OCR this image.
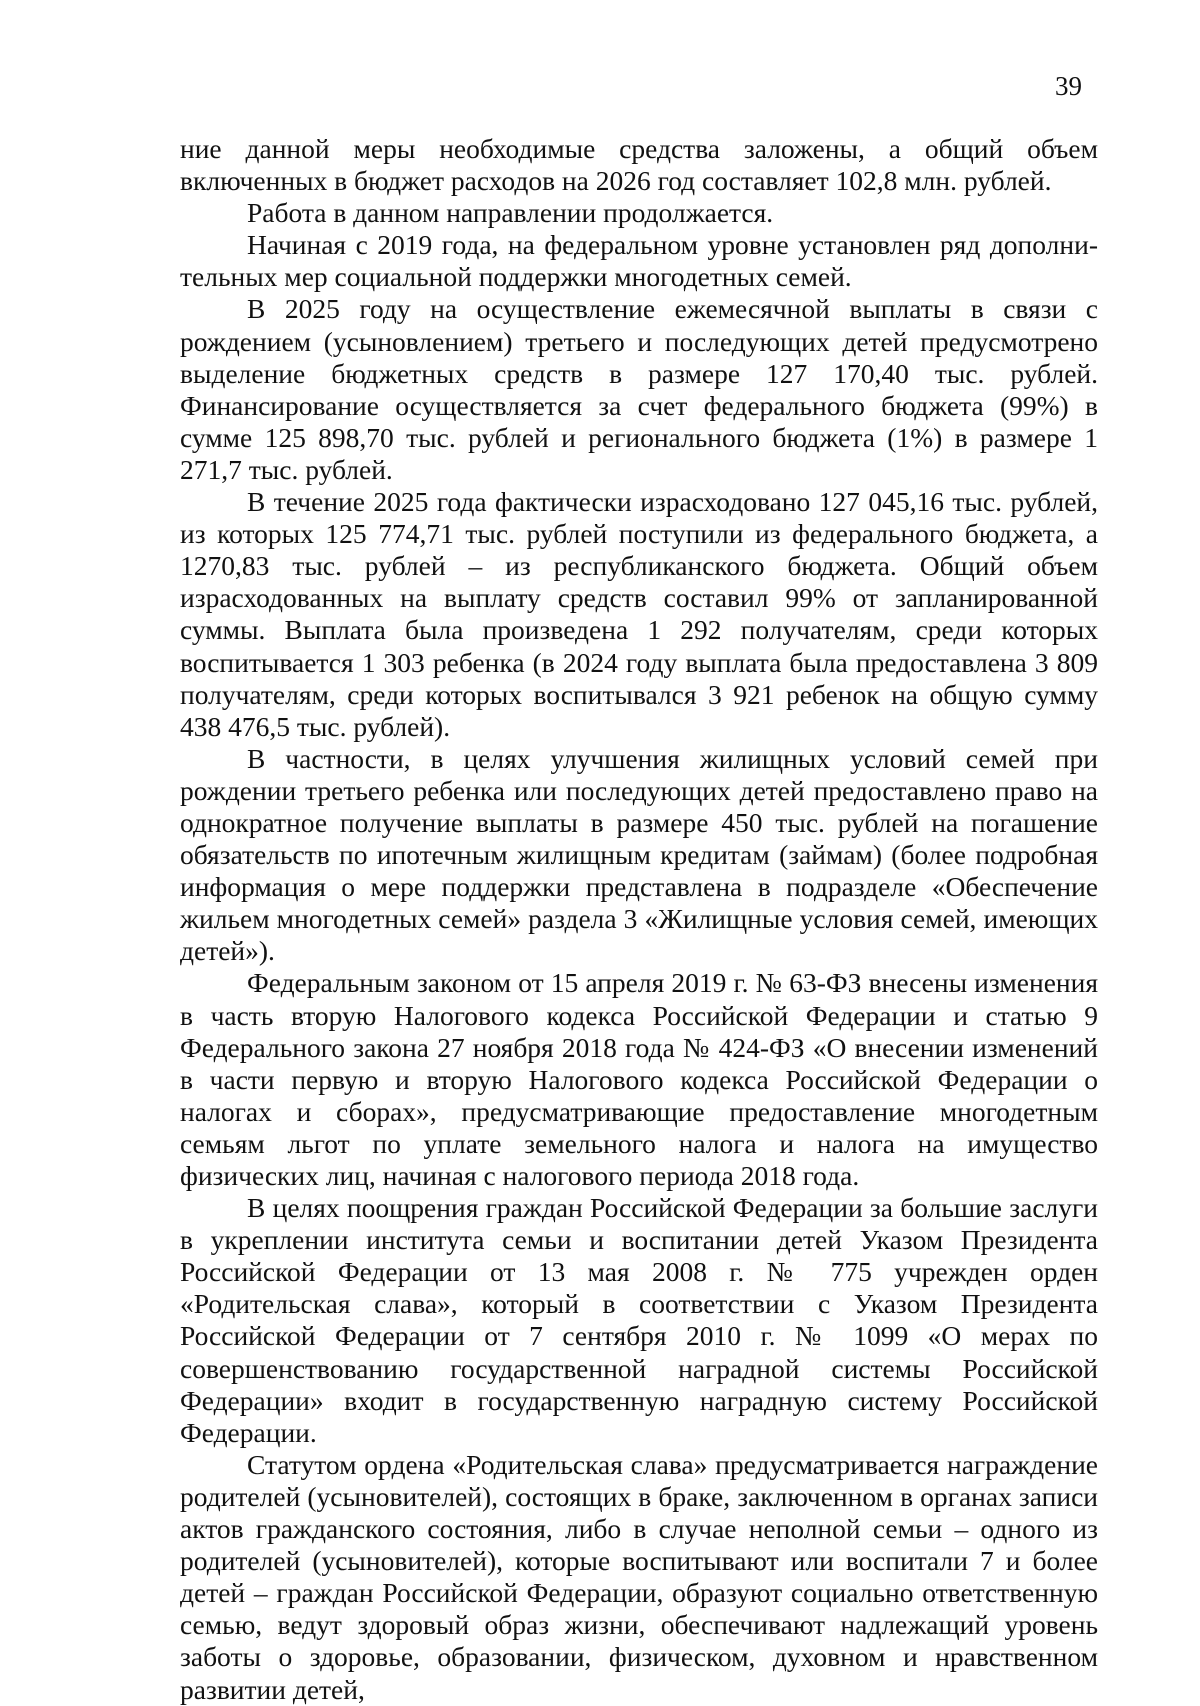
39

ние данной меры необходимые средства заложены, а общий объем включенных в бюджет расходов на 2026 год составляет 102,8 млн. рублей.

Работа в данном направлении продолжается.

Начиная с 2019 года, на федеральном уровне установлен ряд дополнительных мер социальной поддержки многодетных семей.

В 2025 году на осуществление ежемесячной выплаты в связи с рождением (усыновлением) третьего и последующих детей предусмотрено выделение бюджетных средств в размере 127 170,40 тыс. рублей. Финансирование осуществляется за счет федерального бюджета (99%) в сумме 125 898,70 тыс. рублей и регионального бюджета (1%) в размере 1 271,7 тыс. рублей.

В течение 2025 года фактически израсходовано 127 045,16 тыс. рублей, из которых 125 774,71 тыс. рублей поступили из федерального бюджета, а 1270,83 тыс. рублей – из республиканского бюджета. Общий объем израсходованных на выплату средств составил 99% от запланированной суммы. Выплата была произведена 1 292 получателям, среди которых воспитывается 1 303 ребенка (в 2024 году выплата была предоставлена 3 809 получателям, среди которых воспитывался 3 921 ребенок на общую сумму 438 476,5 тыс. рублей).

В частности, в целях улучшения жилищных условий семей при рождении третьего ребенка или последующих детей предоставлено право на однократное получение выплаты в размере 450 тыс. рублей на погашение обязательств по ипотечным жилищным кредитам (займам) (более подробная информация о мере поддержки представлена в подразделе «Обеспечение жильем многодетных семей» раздела 3 «Жилищные условия семей, имеющих детей»).

Федеральным законом от 15 апреля 2019 г. № 63-ФЗ внесены изменения в часть вторую Налогового кодекса Российской Федерации и статью 9 Федерального закона 27 ноября 2018 года № 424-ФЗ «О внесении изменений в части первую и вторую Налогового кодекса Российской Федерации о налогах и сборах», предусматривающие предоставление многодетным семьям льгот по уплате земельного налога и налога на имущество физических лиц, начиная с налогового периода 2018 года.

В целях поощрения граждан Российской Федерации за большие заслуги в укреплении института семьи и воспитании детей Указом Президента Российской Федерации от 13 мая 2008 г. № 775 учрежден орден «Родительская слава», который в соответствии с Указом Президента Российской Федерации от 7 сентября 2010 г. № 1099 «О мерах по совершенствованию государственной наградной системы Российской Федерации» входит в государственную наградную систему Российской Федерации.

Статутом ордена «Родительская слава» предусматривается награждение родителей (усыновителей), состоящих в браке, заключенном в органах записи актов гражданского состояния, либо в случае неполной семьи – одного из родителей (усыновителей), которые воспитывают или воспитали 7 и более детей – граждан Российской Федерации, образуют социально ответственную семью, ведут здоровый образ жизни, обеспечивают надлежащий уровень заботы о здоровье, образовании, физическом, духовном и нравственном развитии детей,
